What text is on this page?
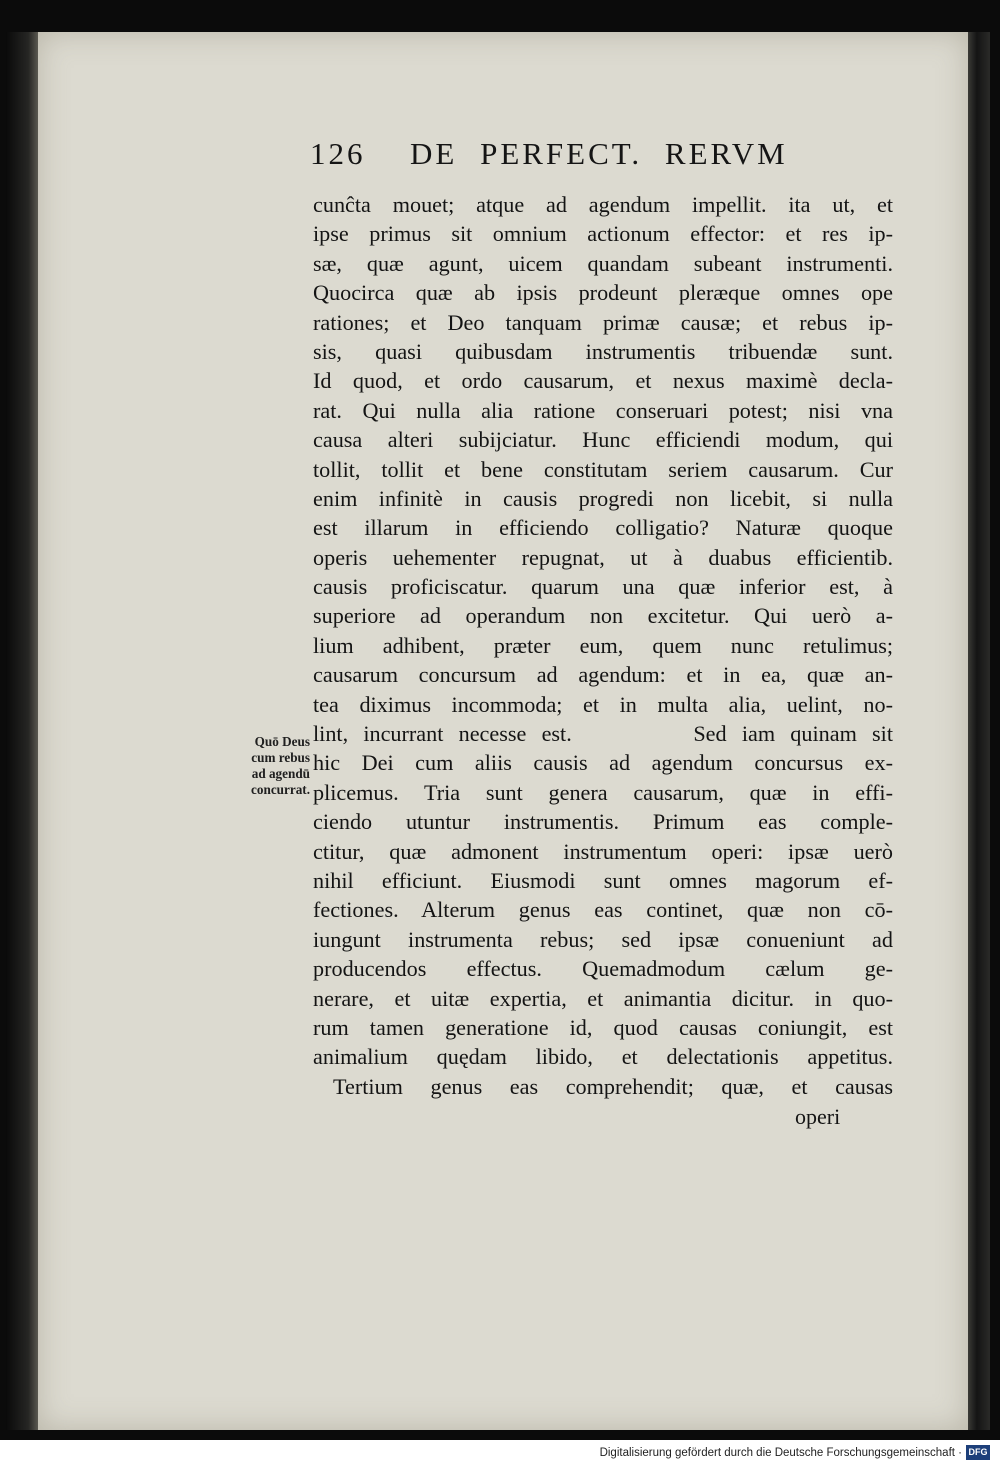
126 DE PERFECT. RERVM
Quō Deus
cum rebus
ad agendū
concurrat.
cunĉta mouet; atque ad agendum impellit. ita ut, et
ipse primus sit omnium actionum effector: et res ip-
sæ, quæ agunt, uicem quandam subeant instrumenti.
Quocirca quæ ab ipsis prodeunt pleræque omnes ope
rationes; et Deo tanquam primæ causæ; et rebus ip-
sis, quasi quibusdam instrumentis tribuendæ sunt.
Id quod, et ordo causarum, et nexus maximè decla-
rat. Qui nulla alia ratione conseruari potest; nisi vna
causa alteri subijciatur. Hunc efficiendi modum, qui
tollit, tollit et bene constitutam seriem causarum. Cur
enim infinitè in causis progredi non licebit, si nulla
est illarum in efficiendo colligatio? Naturæ quoque
operis uehementer repugnat, ut à duabus efficientib.
causis proficiscatur. quarum una quæ inferior est, à
superiore ad operandum non excitetur. Qui uerò a-
lium adhibent, præter eum, quem nunc retulimus;
causarum concursum ad agendum: et in ea, quæ an-
tea diximus incommoda; et in multa alia, uelint, no-
lint, incurrant necesse est.        Sed iam quinam sit
hic Dei cum aliis causis ad agendum concursus ex-
plicemus. Tria sunt genera causarum, quæ in effi-
ciendo utuntur instrumentis. Primum eas comple-
ctitur, quæ admonent instrumentum operi: ipsæ uerò
nihil efficiunt. Eiusmodi sunt omnes magorum ef-
fectiones. Alterum genus eas continet, quæ non cō-
iungunt instrumenta rebus; sed ipsæ conueniunt ad
producendos effectus. Quemadmodum cælum ge-
nerare, et uitæ expertia, et animantia dicitur. in quo-
rum tamen generatione id, quod causas coniungit, est
animalium quędam libido, et delectationis appetitus.
Tertium genus eas comprehendit; quæ, et causas
operi
Digitalisierung gefördert durch die Deutsche Forschungsgemeinschaft · DFG
